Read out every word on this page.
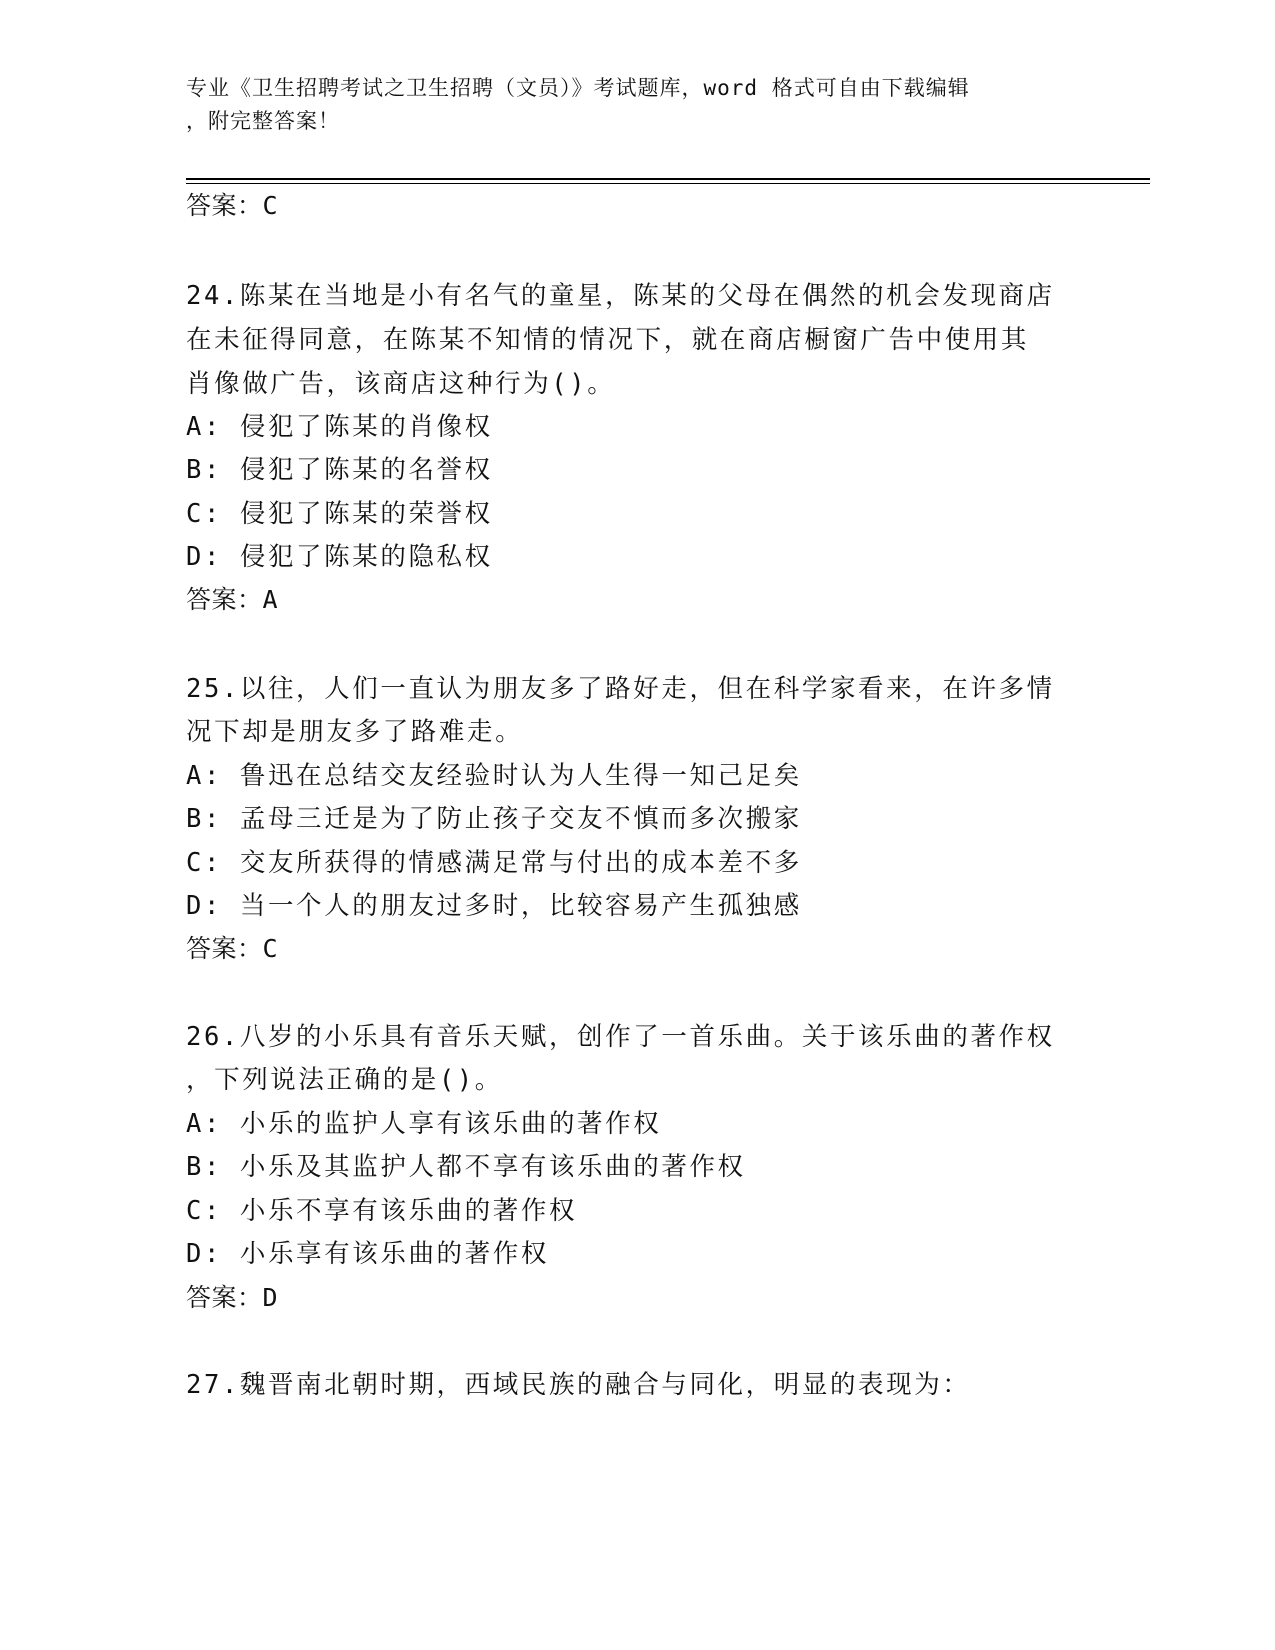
专业《卫生招聘考试之卫生招聘（文员）》考试题库，word 格式可自由下载编辑
，附完整答案！
答案：C
24.陈某在当地是小有名气的童星，陈某的父母在偶然的机会发现商店
在未征得同意，在陈某不知情的情况下，就在商店橱窗广告中使用其
肖像做广告，该商店这种行为()。
A: 侵犯了陈某的肖像权
B: 侵犯了陈某的名誉权
C: 侵犯了陈某的荣誉权
D: 侵犯了陈某的隐私权
答案：A
25.以往，人们一直认为朋友多了路好走，但在科学家看来，在许多情
况下却是朋友多了路难走。
A: 鲁迅在总结交友经验时认为人生得一知己足矣
B: 孟母三迁是为了防止孩子交友不慎而多次搬家
C: 交友所获得的情感满足常与付出的成本差不多
D: 当一个人的朋友过多时，比较容易产生孤独感
答案：C
26.八岁的小乐具有音乐天赋，创作了一首乐曲。关于该乐曲的著作权
，下列说法正确的是()。
A: 小乐的监护人享有该乐曲的著作权
B: 小乐及其监护人都不享有该乐曲的著作权
C: 小乐不享有该乐曲的著作权
D: 小乐享有该乐曲的著作权
答案：D
27.魏晋南北朝时期，西域民族的融合与同化，明显的表现为：
